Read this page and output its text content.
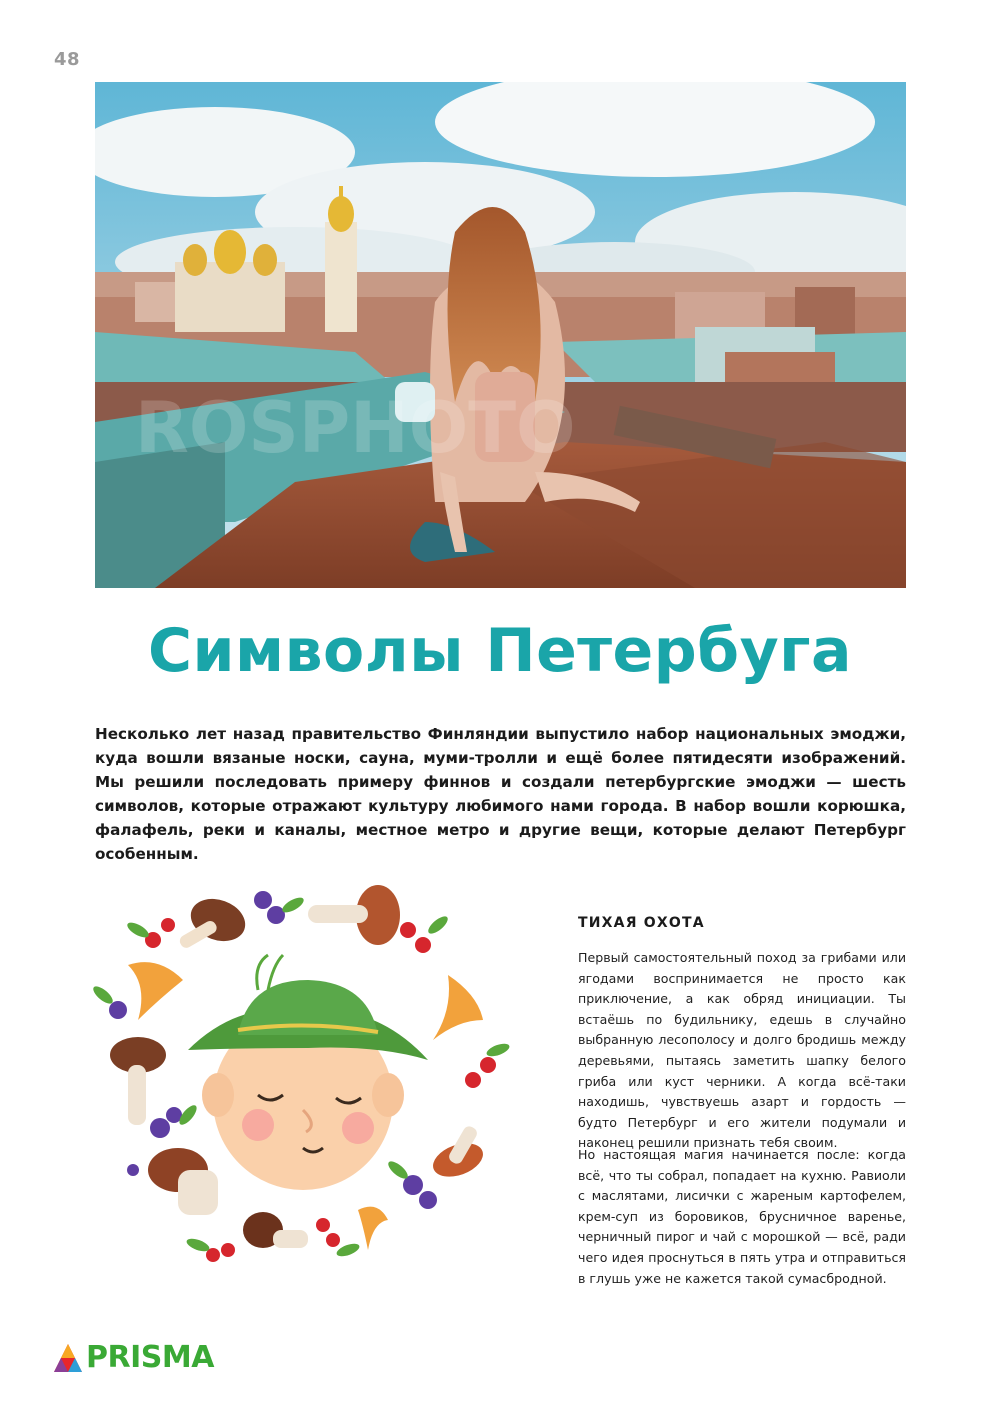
48
ROSPHOTO
Символы Петербуга
Несколько лет назад правительство Финляндии выпустило набор национальных эмоджи, куда вошли вязаные носки, сауна, муми-тролли и ещё более пятидесяти изображений. Мы решили последовать примеру финнов и создали петербургские эмоджи — шесть символов, которые отражают культуру любимого нами города. В набор вошли корюшка, фалафель, реки и каналы, местное метро и другие вещи, которые делают Петербург особенным.
ТИХАЯ ОХОТА
Первый самостоятельный поход за грибами или ягодами воспринимается не просто как приключение, а как обряд инициации. Ты встаёшь по будильнику, едешь в случайно выбранную лесополосу и долго бродишь между деревьями, пытаясь заметить шапку белого гриба или куст черники. А когда всё-таки находишь, чувствуешь азарт и гордость — будто Петербург и его жители подумали и наконец решили признать тебя своим.
Но настоящая магия начинается после: когда всё, что ты собрал, попадает на кухню. Равиоли с маслятами, лисички с жареным картофелем, крем-суп из боровиков, брусничное варенье, черничный пирог и чай с морошкой — всё, ради чего идея проснуться в пять утра и отправиться в глушь уже не кажется такой сумасбродной.
PRISMA
